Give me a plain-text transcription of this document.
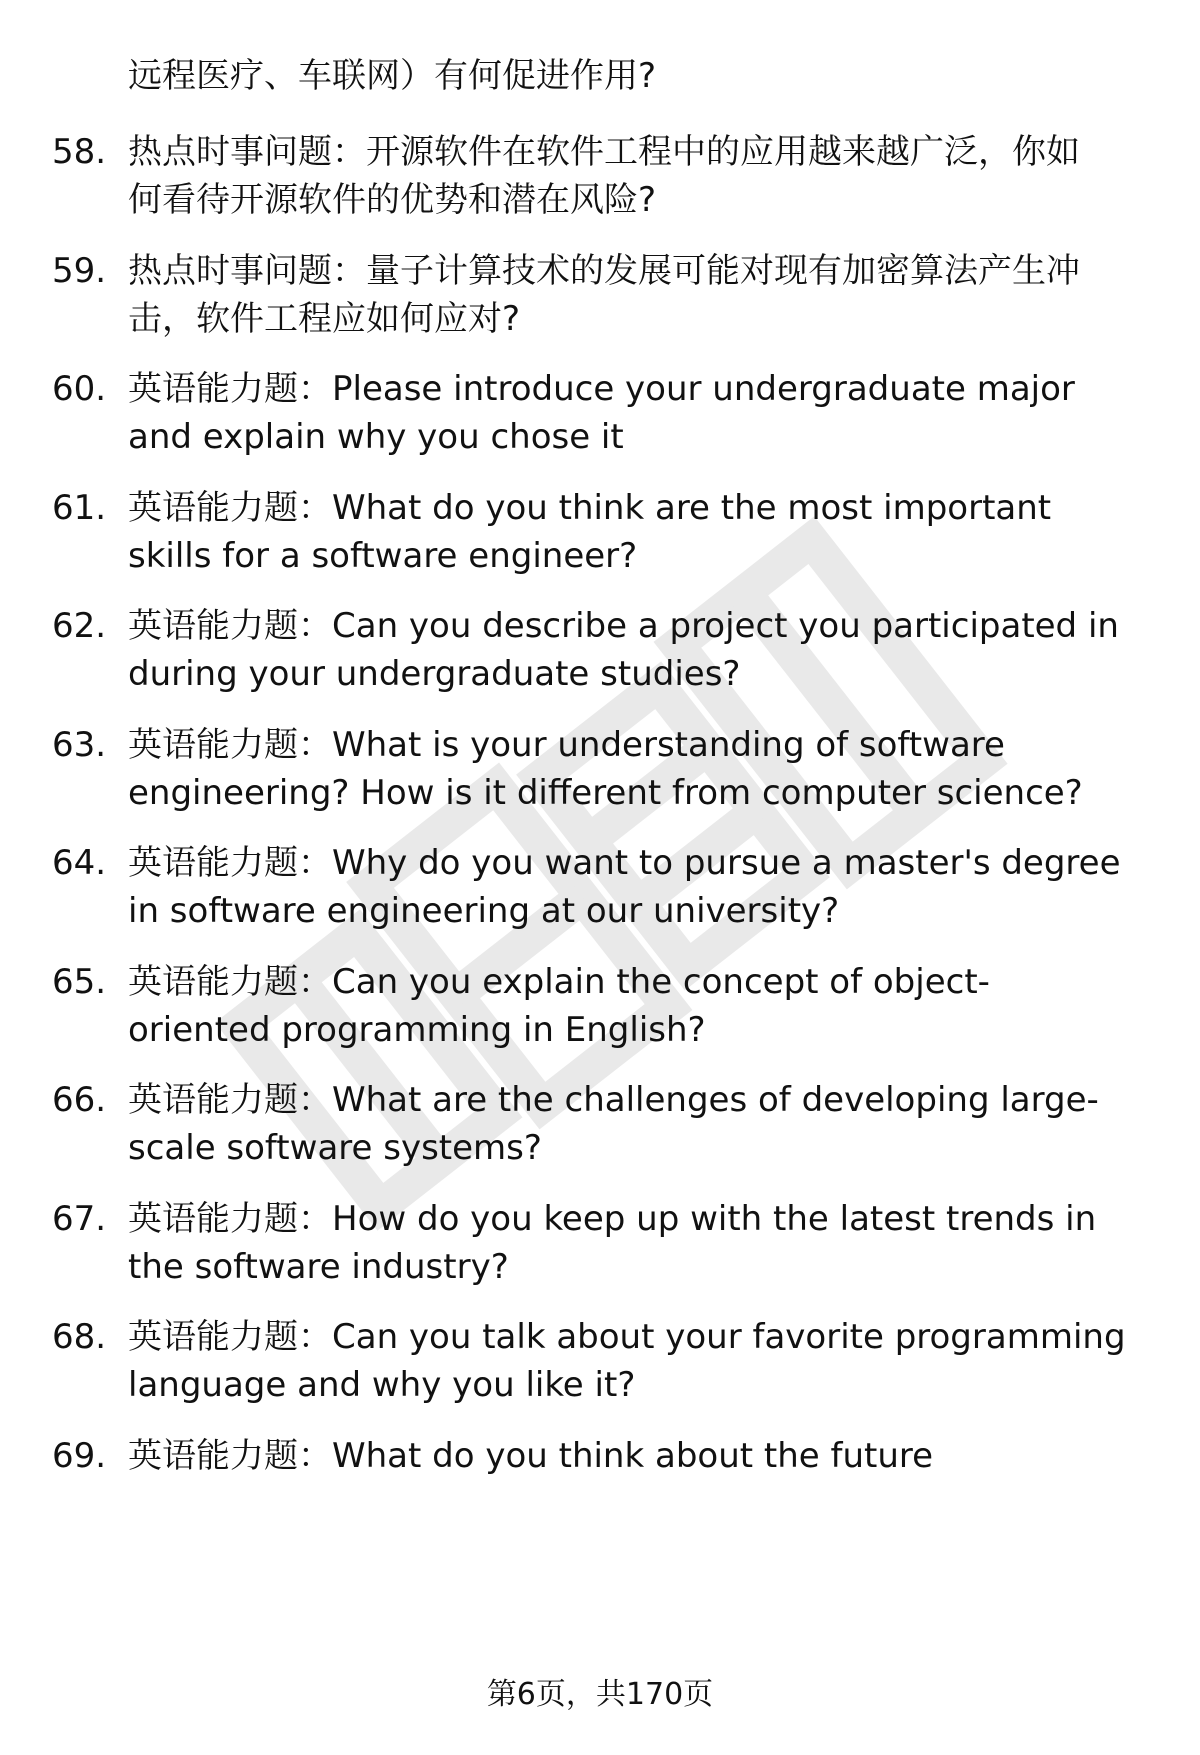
远程医疗、车联网）有何促进作用?
58. 热点时事问题：开源软件在软件工程中的应用越来越广泛，你如
何看待开源软件的优势和潜在风险?
59. 热点时事问题：量子计算技术的发展可能对现有加密算法产生冲
击，软件工程应如何应对?
60. 英语能力题：Please introduce your undergraduate major
and explain why you chose it
61. 英语能力题：What do you think are the most important
skills for a software engineer?
62. 英语能力题：Can you describe a project you participated in
during your undergraduate studies?
63. 英语能力题：What is your understanding of software
engineering? How is it different from computer science?
64. 英语能力题：Why do you want to pursue a master's degree
in software engineering at our university?
65. 英语能力题：Can you explain the concept of object-
oriented programming in English?
66. 英语能力题：What are the challenges of developing large-
scale software systems?
67. 英语能力题：How do you keep up with the latest trends in
the software industry?
68. 英语能力题：Can you talk about your favorite programming
language and why you like it?
69. 英语能力题：What do you think about the future
第6页，共170页
